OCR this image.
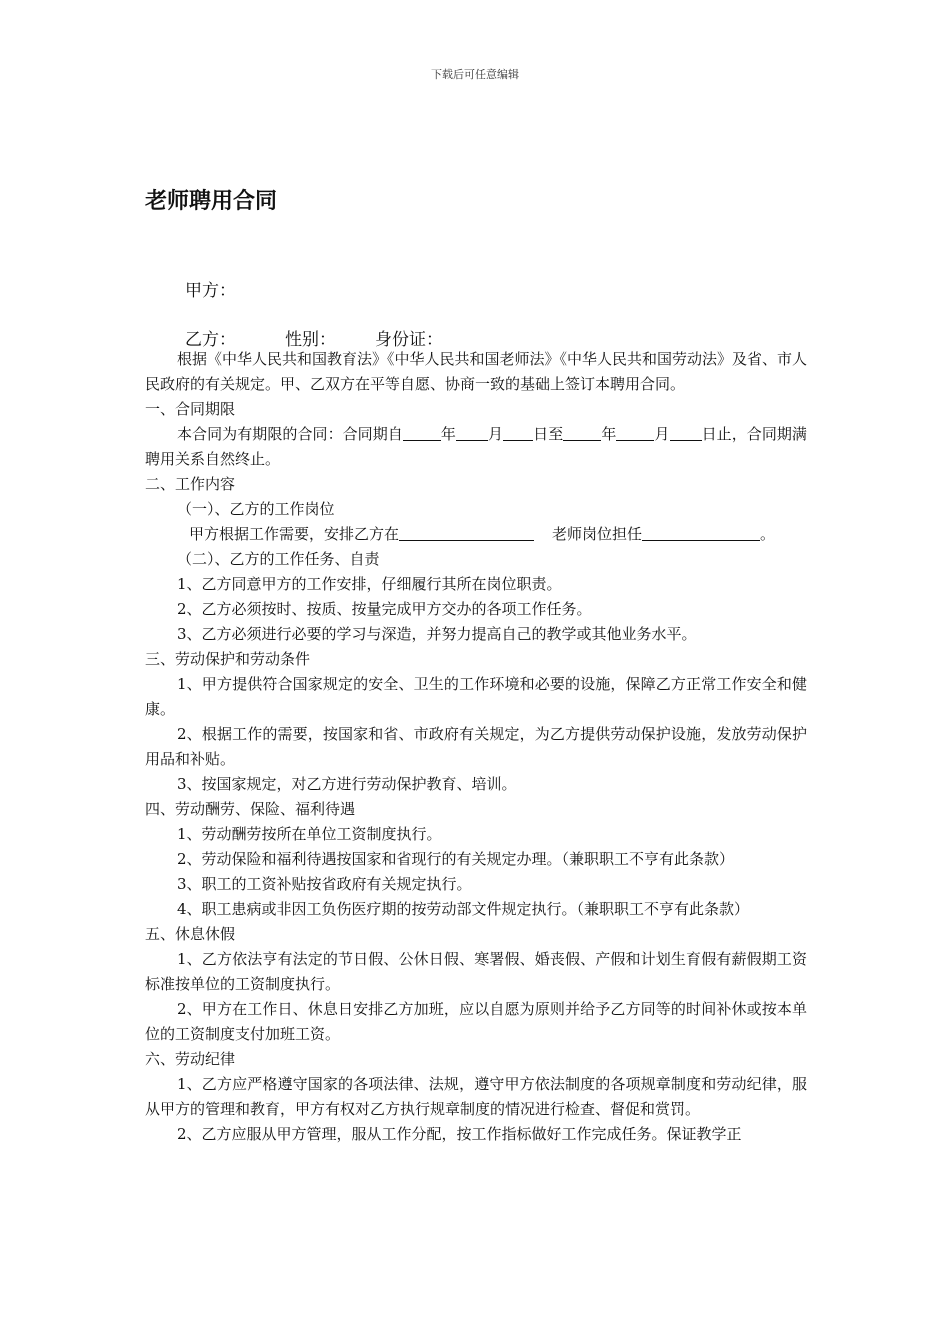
下载后可任意编辑
老师聘用合同
甲方：
乙方：	性别： 身份证：

根据《中华人民共和国教育法》《中华人民共和国老师法》《中华人民共和国劳动法》及省、市人民政府的有关规定。甲、乙双方在平等自愿、协商一致的基础上签订本聘用合同。

一、合同期限

本合同为有期限的合同：合同期自	年 月 日至	年	月 日止，合同期满聘用关系自然终止。

二、工作内容

（一）、乙方的工作岗位

甲方根据工作需要，安排乙方在	老师岗位担任	。

（二）、乙方的工作任务、自责

1、乙方同意甲方的工作安排，仔细履行其所在岗位职责。

2、乙方必须按时、按质、按量完成甲方交办的各项工作任务。

3、乙方必须进行必要的学习与深造，并努力提高自己的教学或其他业务水平。

三、劳动保护和劳动条件

1、甲方提供符合国家规定的安全、卫生的工作环境和必要的设施，保障乙方正常工作安全和健康。

2、根据工作的需要，按国家和省、市政府有关规定，为乙方提供劳动保护设施，发放劳动保护用品和补贴。

3、按国家规定，对乙方进行劳动保护教育、培训。

四、劳动酬劳、保险、福利待遇

1、劳动酬劳按所在单位工资制度执行。

2、劳动保险和福利待遇按国家和省现行的有关规定办理。（兼职职工不亨有此条款）

3、职工的工资补贴按省政府有关规定执行。

4、职工患病或非因工负伤医疗期的按劳动部文件规定执行。（兼职职工不亨有此条款）

五、休息休假

1、乙方依法亨有法定的节日假、公休日假、寒署假、婚丧假、产假和计划生育假有薪假期工资标准按单位的工资制度执行。

2、甲方在工作日、休息日安排乙方加班，应以自愿为原则并给予乙方同等的时间补休或按本单位的工资制度支付加班工资。

六、劳动纪律

1、乙方应严格遵守国家的各项法律、法规，遵守甲方依法制度的各项规章制度和劳动纪律，服从甲方的管理和教育，甲方有权对乙方执行规章制度的情况进行检查、督促和赏罚。

2、乙方应服从甲方管理，服从工作分配，按工作指标做好工作完成任务。保证教学正
